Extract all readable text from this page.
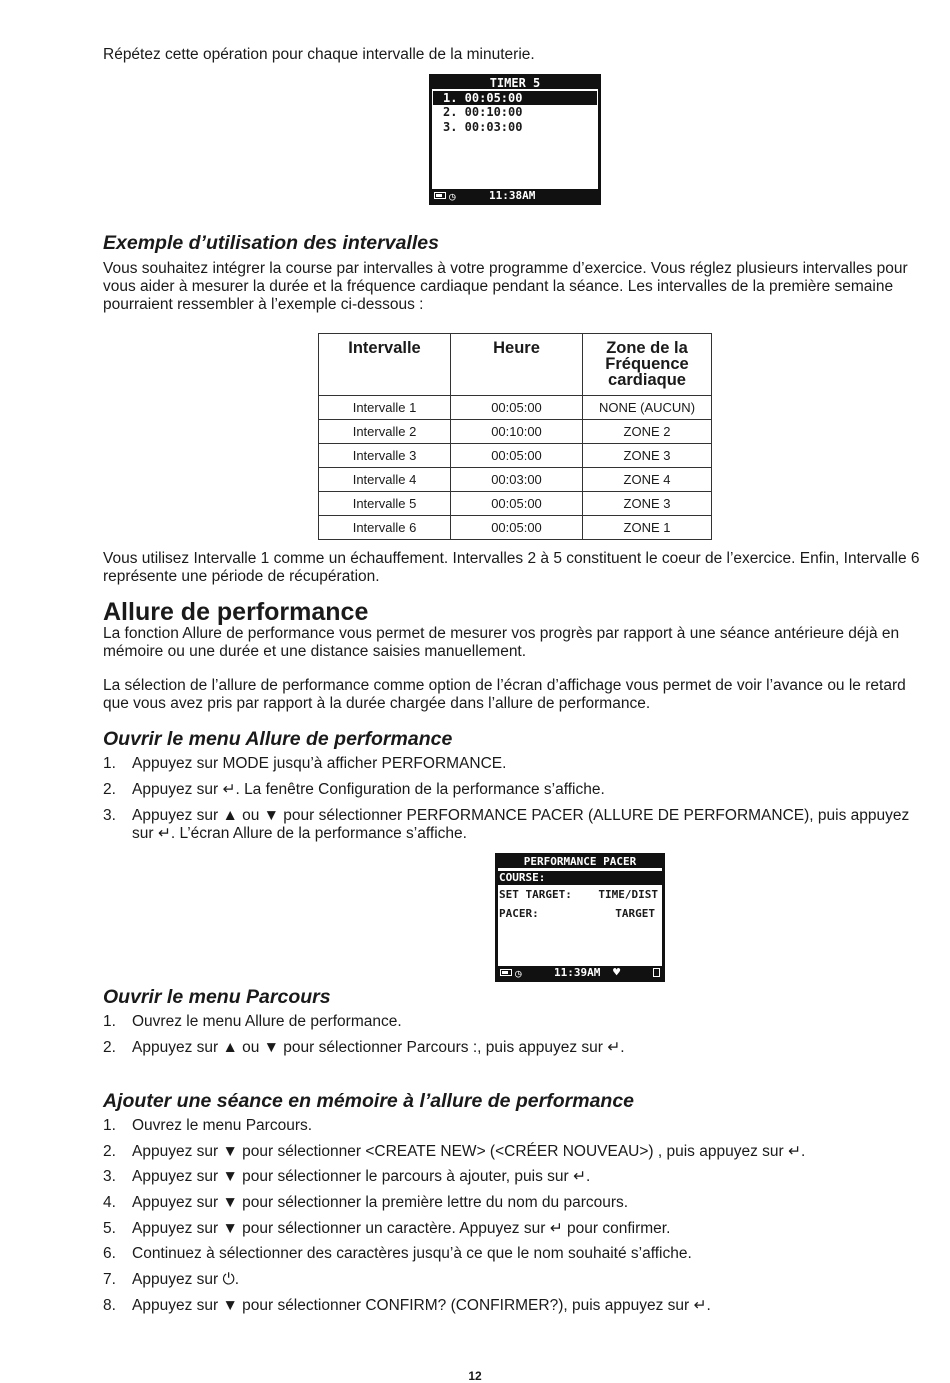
Répétez cette opération pour chaque intervalle de la minuterie.

TIMER 5
1. 00:05:00
2. 00:10:00
3. 00:03:00
◷	11:38AM

Exemple d’utilisation des intervalles

Vous souhaitez intégrer la course par intervalles à votre programme d’exercice. Vous réglez plusieurs intervalles pour vous aider à mesurer la durée et la fréquence cardiaque pendant la séance. Les intervalles de la première semaine pourraient ressembler à l’exemple ci-dessous :

Intervalle	Heure	Zone de la Fréquence cardiaque
Intervalle 1	00:05:00	NONE (AUCUN)
Intervalle 2	00:10:00	ZONE 2
Intervalle 3	00:05:00	ZONE 3
Intervalle 4	00:03:00	ZONE 4
Intervalle 5	00:05:00	ZONE 3
Intervalle 6	00:05:00	ZONE 1

Vous utilisez Intervalle 1 comme un échauffement. Intervalles 2 à 5 constituent le coeur de l’exercice. Enfin, Intervalle 6 représente une période de récupération.

Allure de performance

La fonction Allure de performance vous permet de mesurer vos progrès par rapport à une séance antérieure déjà en mémoire ou une durée et une distance saisies manuellement.

La sélection de l’allure de performance comme option de l’écran d’affichage vous permet de voir l’avance ou le retard que vous avez pris par rapport à la durée chargée dans l’allure de performance.

Ouvrir le menu Allure de performance

1. Appuyez sur MODE jusqu’à afficher PERFORMANCE.
2. Appuyez sur ↵. La fenêtre Configuration de la performance s’affiche.
3. Appuyez sur ▲ ou ▼ pour sélectionner PERFORMANCE PACER (ALLURE DE PERFORMANCE), puis appuyez sur ↵. L’écran Allure de la performance s’affiche.
PERFORMANCE PACER
COURSE:
SET TARGET: TIME/DIST
PACER:	TARGET
◷	11:39AM ♥

Ouvrir le menu Parcours

1. Ouvrez le menu Allure de performance.
2. Appuyez sur ▲ ou ▼ pour sélectionner Parcours :, puis appuyez sur ↵.

Ajouter une séance en mémoire à l’allure de performance

1. Ouvrez le menu Parcours.
2. Appuyez sur ▼ pour sélectionner <CREATE NEW> (<CRÉER NOUVEAU>) , puis appuyez sur ↵.
3. Appuyez sur ▼ pour sélectionner le parcours à ajouter, puis sur ↵.
4. Appuyez sur ▼ pour sélectionner la première lettre du nom du parcours.
5. Appuyez sur ▼ pour sélectionner un caractère. Appuyez sur ↵ pour confirmer.
6. Continuez à sélectionner des caractères jusqu’à ce que le nom souhaité s’affiche.
7. Appuyez sur ⏻.
8. Appuyez sur ▼ pour sélectionner CONFIRM? (CONFIRMER?), puis appuyez sur ↵.
12
